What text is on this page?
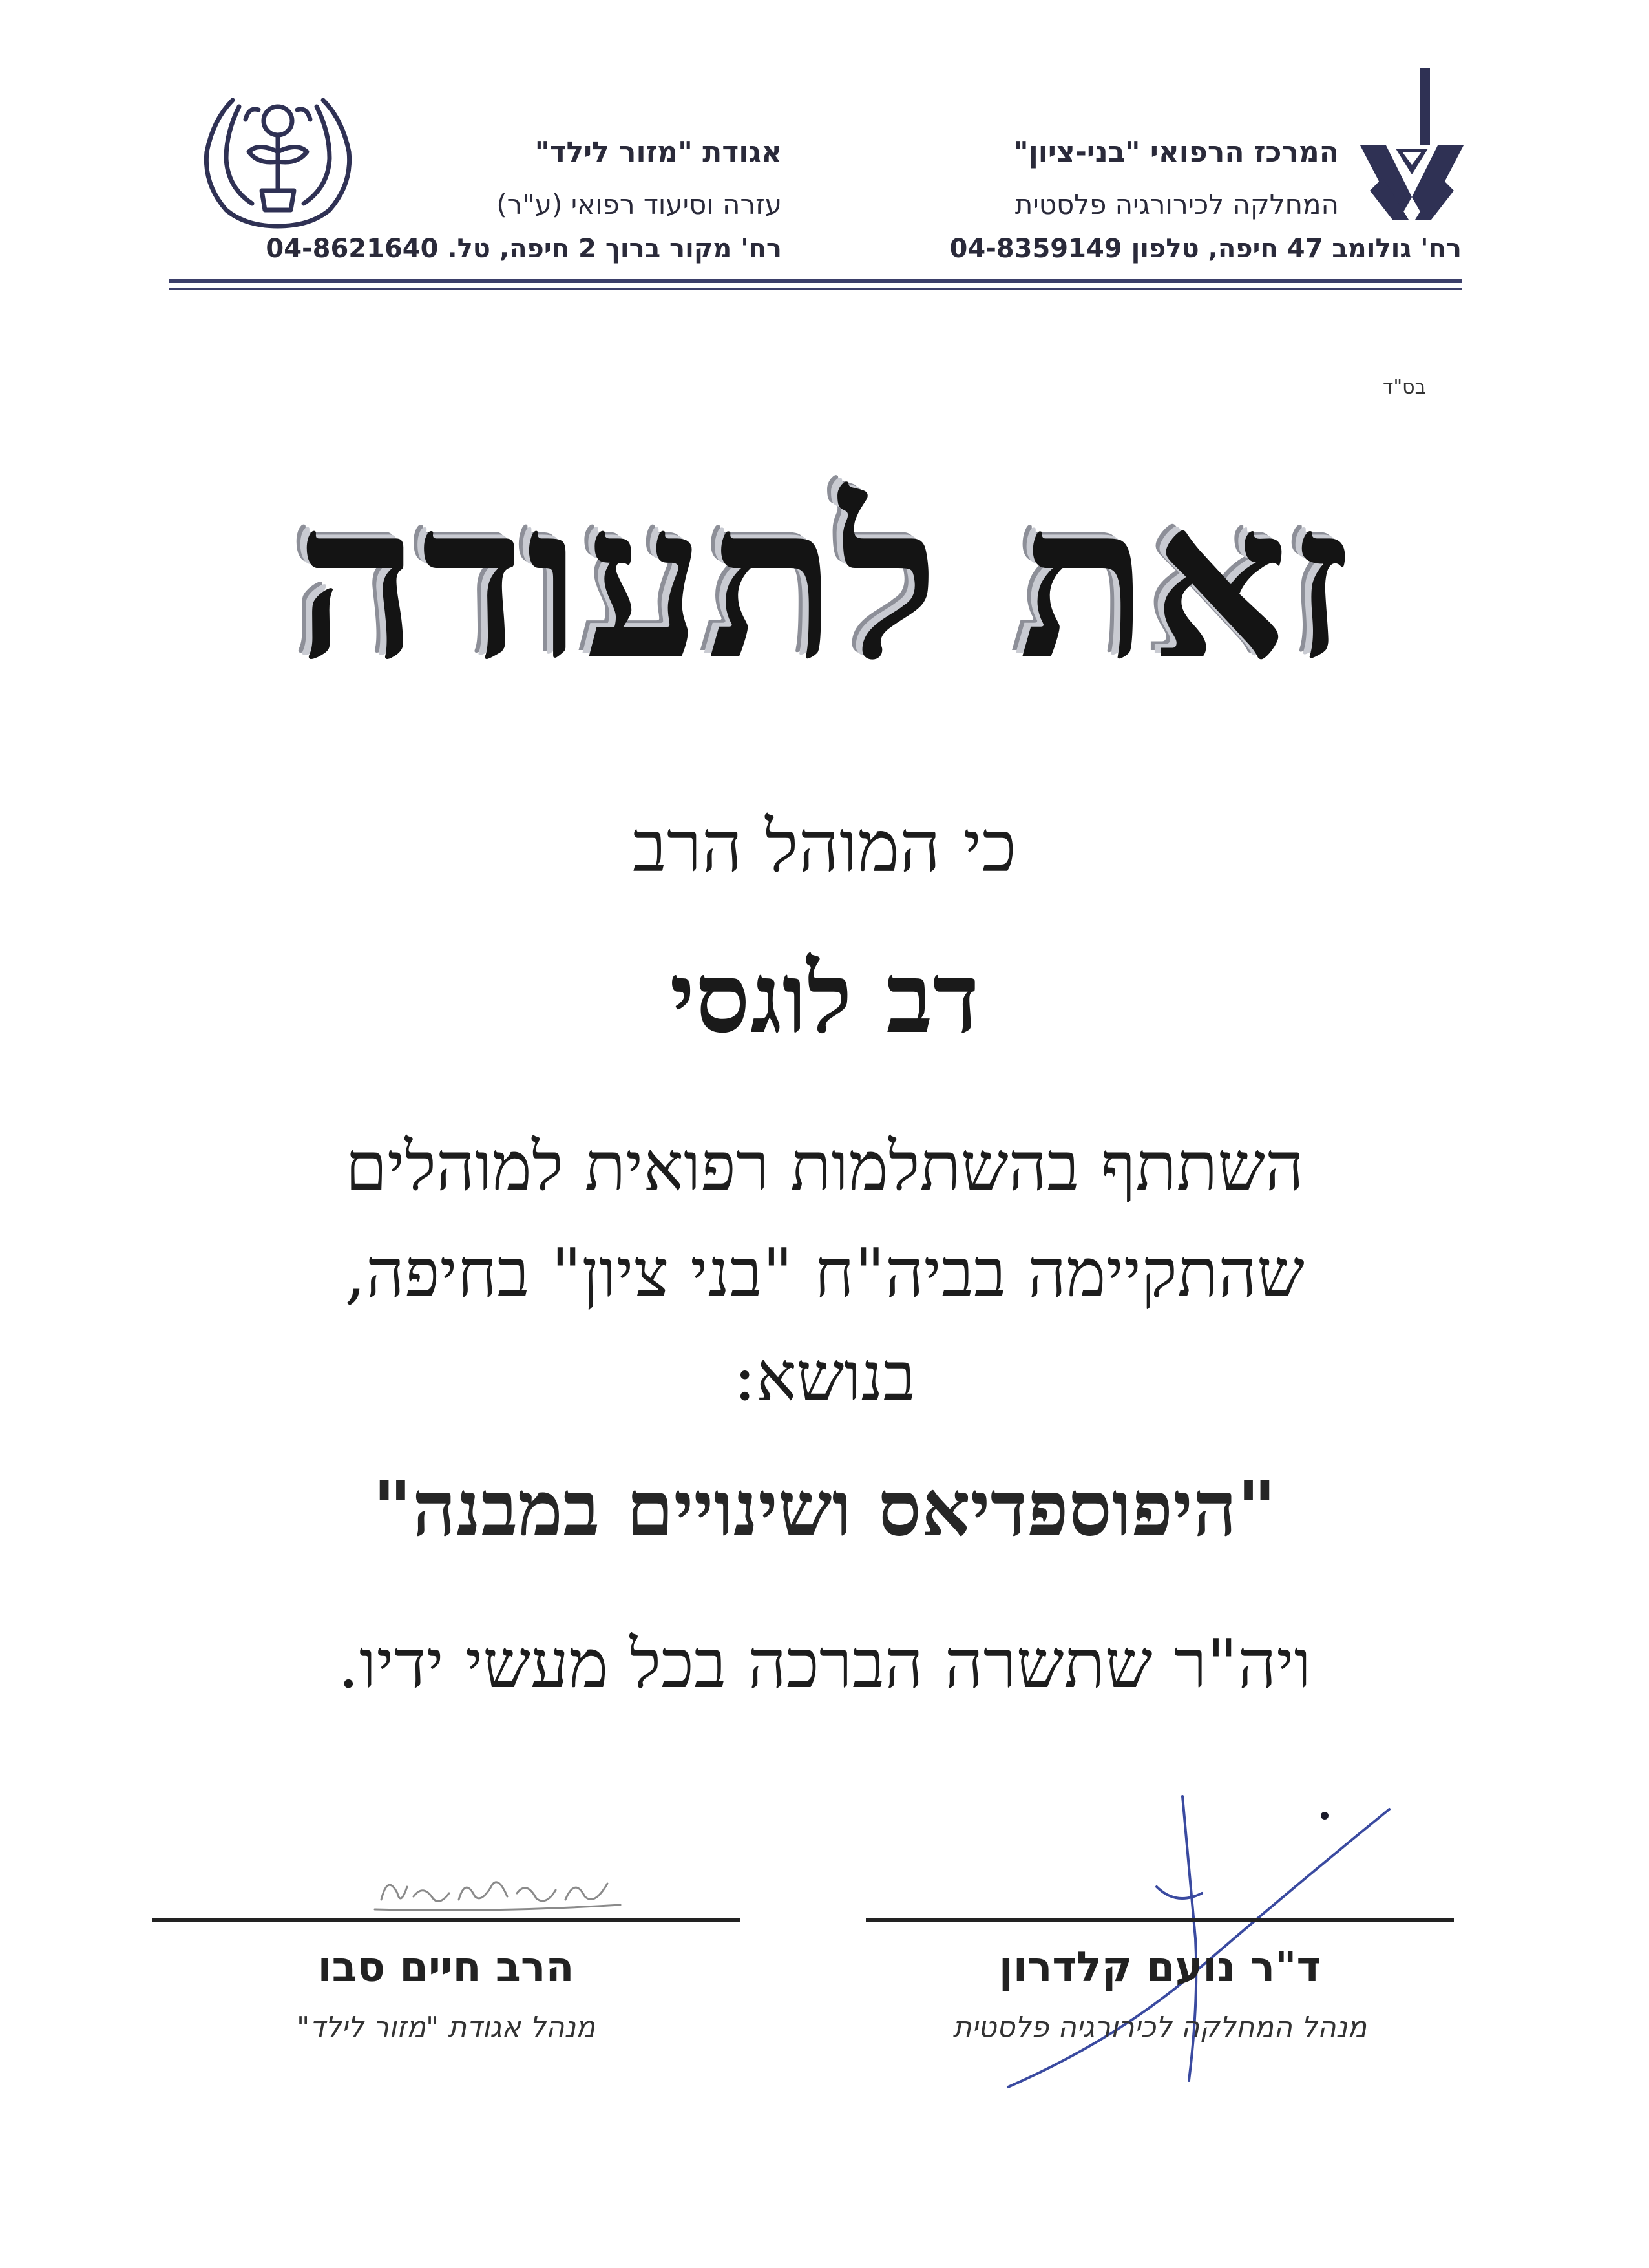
אגודת "מזור לילד"
עזרה וסיעוד רפואי (ע"ר)
רח' מקור ברוך 2 חיפה, טל. 04-8621640
המרכז הרפואי "בני-ציון"
המחלקה לכירורגיה פלסטית
רח' גולומב 47 חיפה, טלפון 04-8359149
בס"ד
זאת לתעודה
כי המוהל הרב
דב לוגסי
השתתף בהשתלמות רפואית למוהלים
שהתקיימה בביה"ח "בני ציון" בחיפה,
בנושא:
"היפוספדיאס ושינויים במבנה"
ויה"ר שתשרה הברכה בכל מעשי ידיו.
הרב חיים סבו
מנהל אגודת "מזור לילד"
ד"ר נועם קלדרון
מנהל המחלקה לכירורגיה פלסטית
